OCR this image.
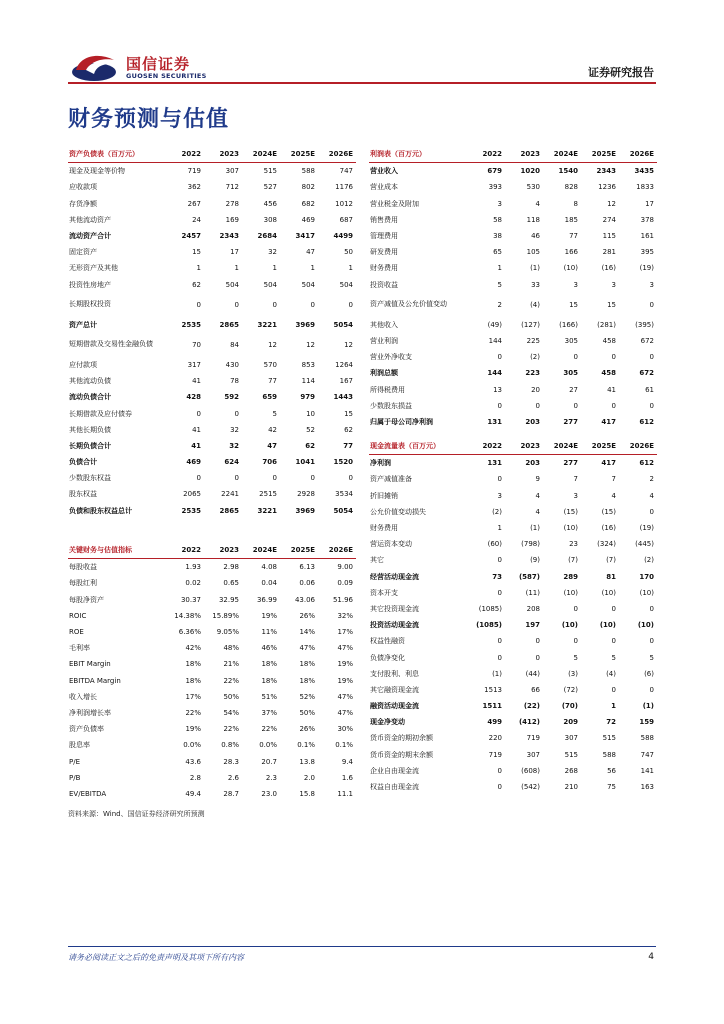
国信证券
GUOSEN SECURITIES	证券研究报告
财务预测与估值
资产负债表（百万元）	2022	2023	2024E	2025E	2026E
现金及现金等价物	719	307	515	588	747
应收款项	362	712	527	802	1176
存货净额	267	278	456	682	1012
其他流动资产	24	169	308	469	687
流动资产合计	2457	2343	2684	3417	4499
固定资产	15	17	32	47	50
无形资产及其他	1	1	1	1	1
投资性房地产	62	504	504	504	504
长期股权投资	0	0	0	0	0
资产总计	2535	2865	3221	3969	5054
短期借款及交易性金融负债	70	84	12	12	12
应付款项	317	430	570	853	1264
其他流动负债	41	78	77	114	167
流动负债合计	428	592	659	979	1443
长期借款及应付债券	0	0	5	10	15
其他长期负债	41	32	42	52	62
长期负债合计	41	32	47	62	77
负债合计	469	624	706	1041	1520
少数股东权益	0	0	0	0	0
股东权益	2065	2241	2515	2928	3534
负债和股东权益总计	2535	2865	3221	3969	5054
利润表（百万元）	2022	2023	2024E	2025E	2026E
营业收入	679	1020	1540	2343	3435
营业成本	393	530	828	1236	1833
营业税金及附加	3	4	8	12	17
销售费用	58	118	185	274	378
管理费用	38	46	77	115	161
研发费用	65	105	166	281	395
财务费用	1	(1)	(10)	(16)	(19)
投资收益	5	33	3	3	3
资产减值及公允价值变动	2	(4)	15	15	0
其他收入	(49)	(127)	(166)	(281)	(395)
营业利润	144	225	305	458	672
营业外净收支	0	(2)	0	0	0
利润总额	144	223	305	458	672
所得税费用	13	20	27	41	61
少数股东损益	0	0	0	0	0
归属于母公司净利润	131	203	277	417	612
现金流量表（百万元）	2022	2023	2024E	2025E	2026E
净利润	131	203	277	417	612
资产减值准备	0	9	7	7	2
折旧摊销	3	4	3	4	4
公允价值变动损失	(2)	4	(15)	(15)	0
财务费用	1	(1)	(10)	(16)	(19)
营运资本变动	(60)	(798)	23	(324)	(445)
其它	0	(9)	(7)	(7)	(2)
经营活动现金流	73	(587)	289	81	170
资本开支	0	(11)	(10)	(10)	(10)
其它投资现金流	(1085)	208	0	0	0
投资活动现金流	(1085)	197	(10)	(10)	(10)
权益性融资	0	0	0	0	0
负债净变化	0	0	5	5	5
支付股利、利息	(1)	(44)	(3)	(4)	(6)
其它融资现金流	1513	66	(72)	0	0
融资活动现金流	1511	(22)	(70)	1	(1)
现金净变动	499	(412)	209	72	159
货币资金的期初余额	220	719	307	515	588
货币资金的期末余额	719	307	515	588	747
企业自由现金流	0	(608)	268	56	141
权益自由现金流	0	(542)	210	75	163
关键财务与估值指标	2022	2023	2024E	2025E	2026E
每股收益	1.93	2.98	4.08	6.13	9.00
每股红利	0.02	0.65	0.04	0.06	0.09
每股净资产	30.37	32.95	36.99	43.06	51.96
ROIC	14.38%	15.89%	19%	26%	32%
ROE	6.36%	9.05%	11%	14%	17%
毛利率	42%	48%	46%	47%	47%
EBIT Margin	18%	21%	18%	18%	19%
EBITDA Margin	18%	22%	18%	18%	19%
收入增长	17%	50%	51%	52%	47%
净利润增长率	22%	54%	37%	50%	47%
资产负债率	19%	22%	22%	26%	30%
股息率	0.0%	0.8%	0.0%	0.1%	0.1%
P/E	43.6	28.3	20.7	13.8	9.4
P/B	2.8	2.6	2.3	2.0	1.6
EV/EBITDA	49.4	28.7	23.0	15.8	11.1
资料来源：Wind、国信证券经济研究所预测
请务必阅读正文之后的免责声明及其项下所有内容	4
